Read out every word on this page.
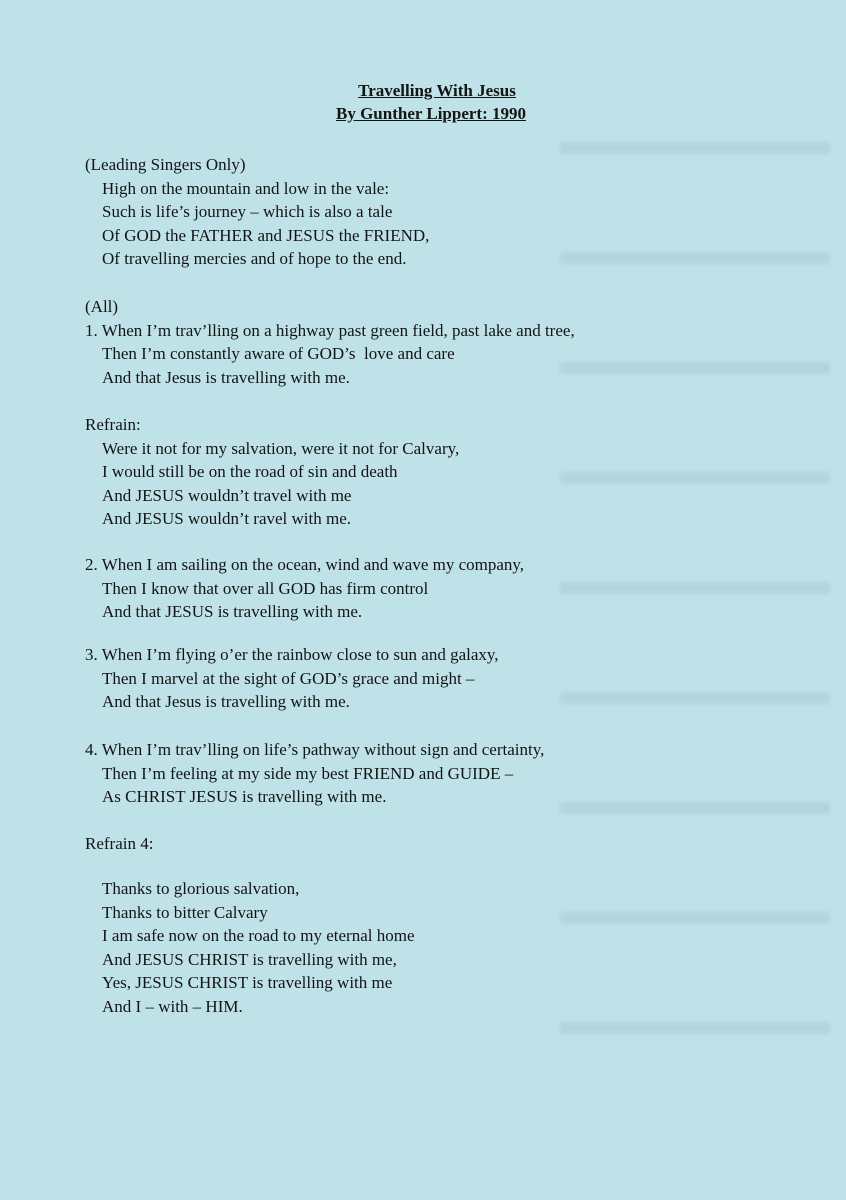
Travelling With Jesus
By Gunther Lippert: 1990
(Leading Singers Only)
High on the mountain and low in the vale:
Such is life’s journey – which is also a tale
Of GOD the FATHER and JESUS the FRIEND,
Of travelling mercies and of hope to the end.
(All)
1. When I’m trav’lling on a highway past green field, past lake and tree,
Then I’m constantly aware of GOD’s  love and care
And that Jesus is travelling with me.
Refrain:
Were it not for my salvation, were it not for Calvary,
I would still be on the road of sin and death
And JESUS wouldn’t travel with me
And JESUS wouldn’t ravel with me.
2. When I am sailing on the ocean, wind and wave my company,
Then I know that over all GOD has firm control
And that JESUS is travelling with me.
3. When I’m flying o’er the rainbow close to sun and galaxy,
Then I marvel at the sight of GOD’s grace and might –
And that Jesus is travelling with me.
4. When I’m trav’lling on life’s pathway without sign and certainty,
Then I’m feeling at my side my best FRIEND and GUIDE –
As CHRIST JESUS is travelling with me.
Refrain 4:
Thanks to glorious salvation,
Thanks to bitter Calvary
I am safe now on the road to my eternal home
And JESUS CHRIST is travelling with me,
Yes, JESUS CHRIST is travelling with me
And I – with – HIM.
